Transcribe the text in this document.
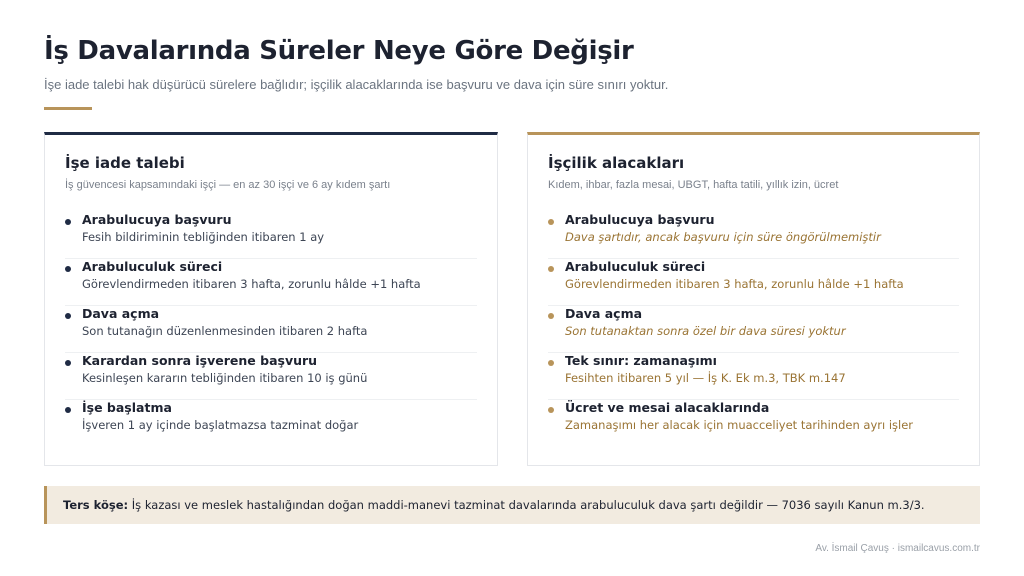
İş Davalarında Süreler Neye Göre Değişir
İşe iade talebi hak düşürücü sürelere bağlıdır; işçilik alacaklarında ise başvuru ve dava için süre sınırı yoktur.
İşe iade talebi
İş güvencesi kapsamındaki işçi — en az 30 işçi ve 6 ay kıdem şartı
Arabulucuya başvuru
Fesih bildiriminin tebliğinden itibaren 1 ay
Arabuluculuk süreci
Görevlendirmeden itibaren 3 hafta, zorunlu hâlde +1 hafta
Dava açma
Son tutanağın düzenlenmesinden itibaren 2 hafta
Karardan sonra işverene başvuru
Kesinleşen kararın tebliğinden itibaren 10 iş günü
İşe başlatma
İşveren 1 ay içinde başlatmazsa tazminat doğar
İşçilik alacakları
Kıdem, ihbar, fazla mesai, UBGT, hafta tatili, yıllık izin, ücret
Arabulucuya başvuru
Dava şartıdır, ancak başvuru için süre öngörülmemiştir
Arabuluculuk süreci
Görevlendirmeden itibaren 3 hafta, zorunlu hâlde +1 hafta
Dava açma
Son tutanaktan sonra özel bir dava süresi yoktur
Tek sınır: zamanaşımı
Fesihten itibaren 5 yıl — İş K. Ek m.3, TBK m.147
Ücret ve mesai alacaklarında
Zamanaşımı her alacak için muacceliyet tarihinden ayrı işler
Ters köşe: İş kazası ve meslek hastalığından doğan maddi-manevi tazminat davalarında arabuluculuk dava şartı değildir — 7036 sayılı Kanun m.3/3.
Av. İsmail Çavuş · ismailcavus.com.tr
